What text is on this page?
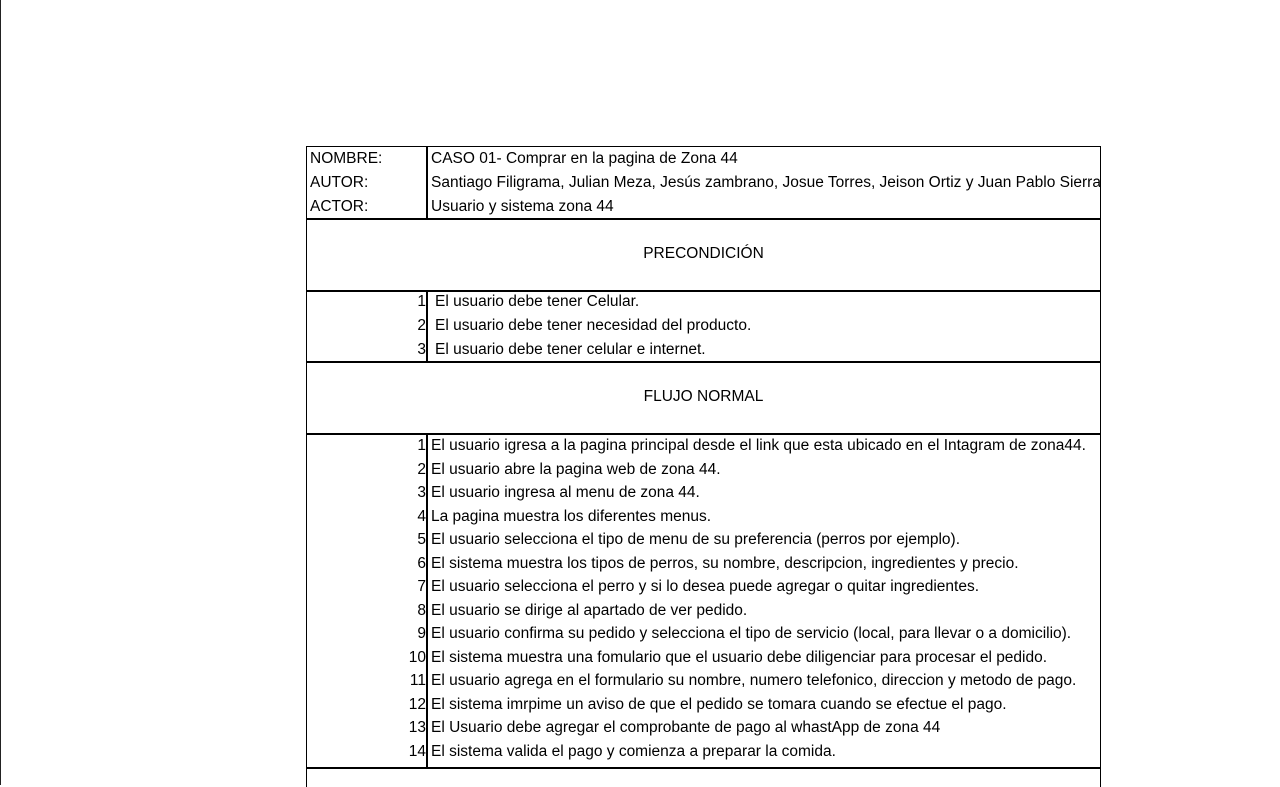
NOMBRE:	CASO 01- Comprar en la pagina de Zona 44
AUTOR:	Santiago Filigrama, Julian Meza, Jesús zambrano, Josue Torres, Jeison Ortiz y Juan Pablo Sierra
ACTOR:	Usuario y sistema zona 44
PRECONDICIÓN
1 El usuario debe tener Celular.
2 El usuario debe tener necesidad del producto.
3 El usuario debe tener celular e internet.
FLUJO NORMAL
1 El usuario igresa a la pagina principal desde el link que esta ubicado en el Intagram de zona44.
2 El usuario abre la pagina web de zona 44.
3 El usuario ingresa al menu de zona 44.
4 La pagina muestra los diferentes menus.
5 El usuario selecciona el tipo de menu de su preferencia (perros por ejemplo).
6 El sistema muestra los tipos de perros, su nombre, descripcion, ingredientes y precio.
7 El usuario selecciona el perro y si lo desea puede agregar o quitar ingredientes.
8 El usuario se dirige al apartado de ver pedido.
9 El usuario confirma su pedido y selecciona el tipo de servicio (local, para llevar o a domicilio).
10 El sistema muestra una fomulario que el usuario debe diligenciar para procesar el pedido.
11 El usuario agrega en el formulario su nombre, numero telefonico, direccion y metodo de pago.
12 El sistema imrpime un aviso de que el pedido se tomara cuando se efectue el pago.
13 El Usuario debe agregar el comprobante de pago al whastApp de zona 44
14 El sistema valida el pago y comienza a preparar la comida.
